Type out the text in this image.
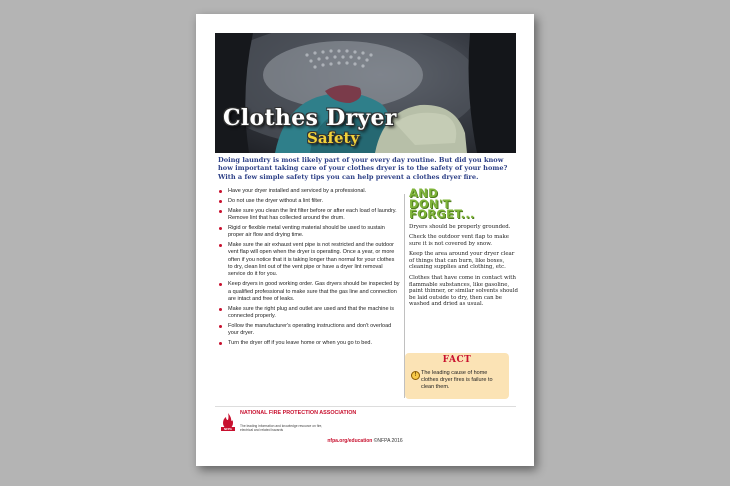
Clothes Dryer
Safety
Doing laundry is most likely part of your every day routine. But did you know how important taking care of your clothes dryer is to the safety of your home? With a few simple safety tips you can help prevent a clothes dryer fire.
Have your dryer installed and serviced by a professional.
Do not use the dryer without a lint filter.
Make sure you clean the lint filter before or after each load of laundry. Remove lint that has collected around the drum.
Rigid or flexible metal venting material should be used to sustain proper air flow and drying time.
Make sure the air exhaust vent pipe is not restricted and the outdoor vent flap will open when the dryer is operating. Once a year, or more often if you notice that it is taking longer than normal for your clothes to dry, clean lint out of the vent pipe or have a dryer lint removal service do it for you.
Keep dryers in good working order. Gas dryers should be inspected by a qualified professional to make sure that the gas line and connection are intact and free of leaks.
Make sure the right plug and outlet are used and that the machine is connected properly.
Follow the manufacturer's operating instructions and don't overload your dryer.
Turn the dryer off if you leave home or when you go to bed.
AND
DON'T
FORGET...

Dryers should be properly grounded.

Check the outdoor vent flap to make sure it is not covered by snow.

Keep the area around your dryer clear of things that can burn, like boxes, cleaning supplies and clothing, etc.

Clothes that have come in contact with flammable substances, like gasoline, paint thinner, or similar solvents should be laid outside to dry, then can be washed and dried as usual.

FACT
! The leading cause of home clothes dryer fires is failure to clean them.
NFPA
NATIONAL FIRE PROTECTION ASSOCIATION
The leading information and knowledge resource on fire, electrical and related hazards
nfpa.org/education ©NFPA 2016
